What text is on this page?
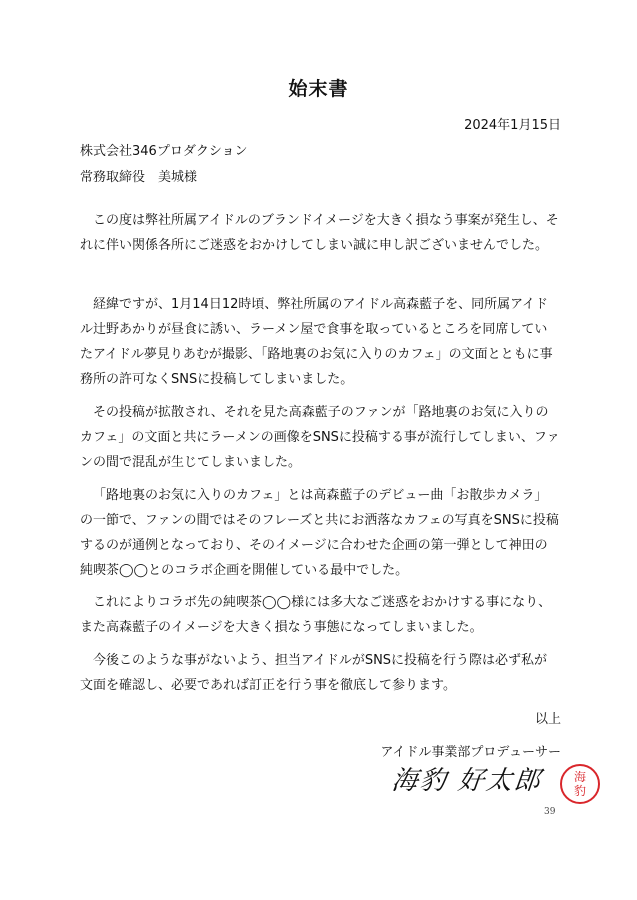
始末書
2024年1月15日
株式会社346プロダクション
常務取締役　美城様

この度は弊社所属アイドルのブランドイメージを大きく損なう事案が発生し、それに伴い関係各所にご迷惑をおかけしてしまい誠に申し訳ございませんでした。

経緯ですが、1月14日12時頃、弊社所属のアイドル高森藍子を、同所属アイドル辻野あかりが昼食に誘い、ラーメン屋で食事を取っているところを同席していたアイドル夢見りあむが撮影、「路地裏のお気に入りのカフェ」の文面とともに事務所の許可なくSNSに投稿してしまいました。

その投稿が拡散され、それを見た高森藍子のファンが「路地裏のお気に入りのカフェ」の文面と共にラーメンの画像をSNSに投稿する事が流行してしまい、ファンの間で混乱が生じてしまいました。

「路地裏のお気に入りのカフェ」とは高森藍子のデビュー曲「お散歩カメラ」の一節で、ファンの間ではそのフレーズと共にお洒落なカフェの写真をSNSに投稿するのが通例となっており、そのイメージに合わせた企画の第一弾として神田の純喫茶◯◯とのコラボ企画を開催している最中でした。

これによりコラボ先の純喫茶◯◯様には多大なご迷惑をおかけする事になり、また高森藍子のイメージを大きく損なう事態になってしまいました。

今後このような事がないよう、担当アイドルがSNSに投稿を行う際は必ず私が文面を確認し、必要であれば訂正を行う事を徹底して参ります。

以上
アイドル事業部プロデューサー
海豹 好太郎	海
豹
39
